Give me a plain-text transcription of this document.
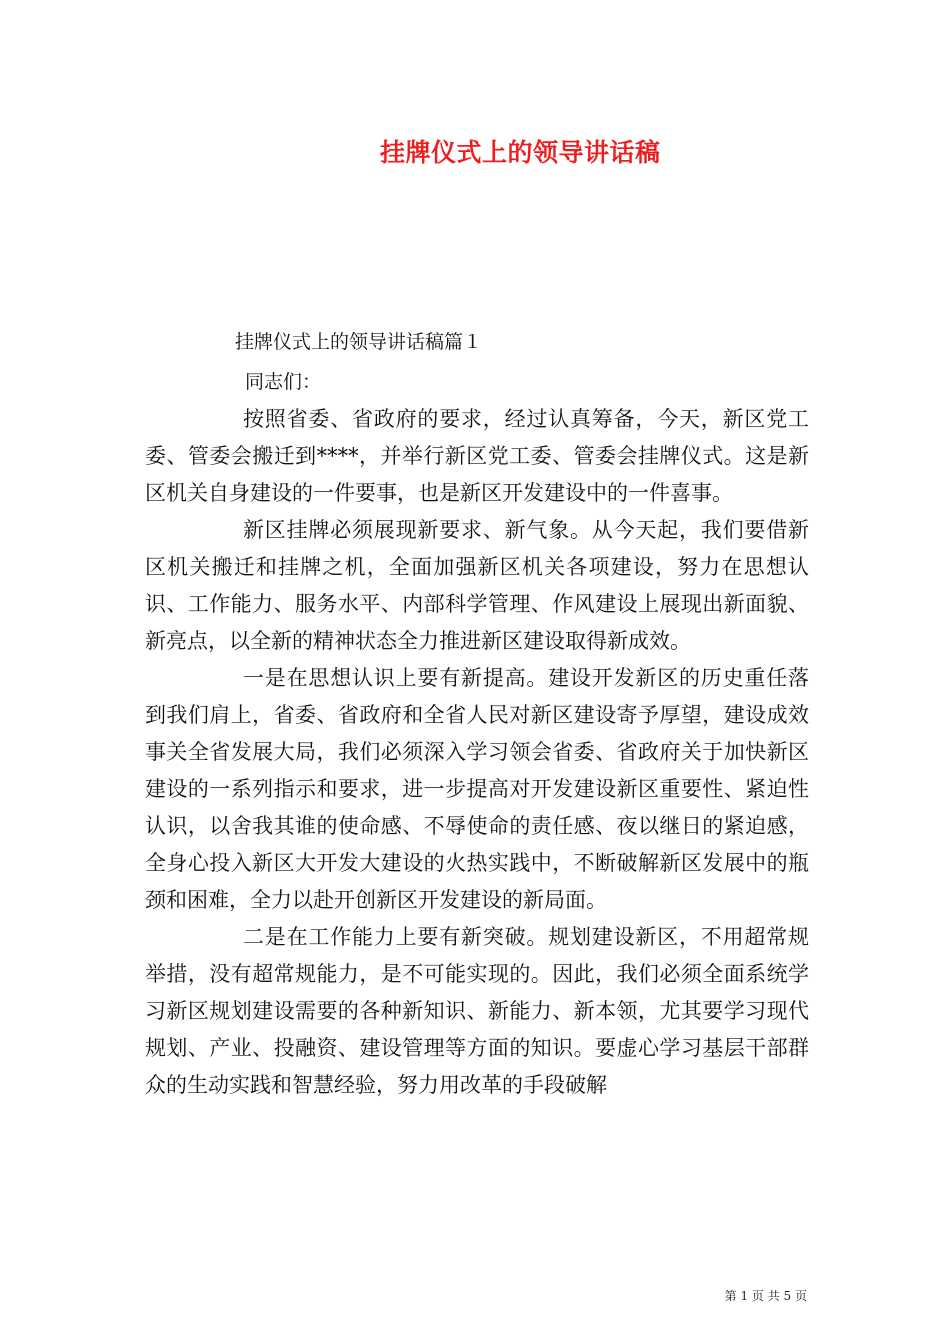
挂牌仪式上的领导讲话稿
挂牌仪式上的领导讲话稿篇１
同志们：

按照省委、省政府的要求，经过认真筹备，今天，新区党工委、管委会搬迁到****，并举行新区党工委、管委会挂牌仪式。这是新区机关自身建设的一件要事，也是新区开发建设中的一件喜事。

新区挂牌必须展现新要求、新气象。从今天起，我们要借新区机关搬迁和挂牌之机，全面加强新区机关各项建设，努力在思想认识、工作能力、服务水平、内部科学管理、作风建设上展现出新面貌、新亮点，以全新的精神状态全力推进新区建设取得新成效。

一是在思想认识上要有新提高。建设开发新区的历史重任落到我们肩上，省委、省政府和全省人民对新区建设寄予厚望，建设成效事关全省发展大局，我们必须深入学习领会省委、省政府关于加快新区建设的一系列指示和要求，进一步提高对开发建设新区重要性、紧迫性认识，以舍我其谁的使命感、不辱使命的责任感、夜以继日的紧迫感，全身心投入新区大开发大建设的火热实践中，不断破解新区发展中的瓶颈和困难，全力以赴开创新区开发建设的新局面。

二是在工作能力上要有新突破。规划建设新区，不用超常规举措，没有超常规能力，是不可能实现的。因此，我们必须全面系统学习新区规划建设需要的各种新知识、新能力、新本领，尤其要学习现代规划、产业、投融资、建设管理等方面的知识。要虚心学习基层干部群众的生动实践和智慧经验，努力用改革的手段破解

第 1 页 共 5 页
